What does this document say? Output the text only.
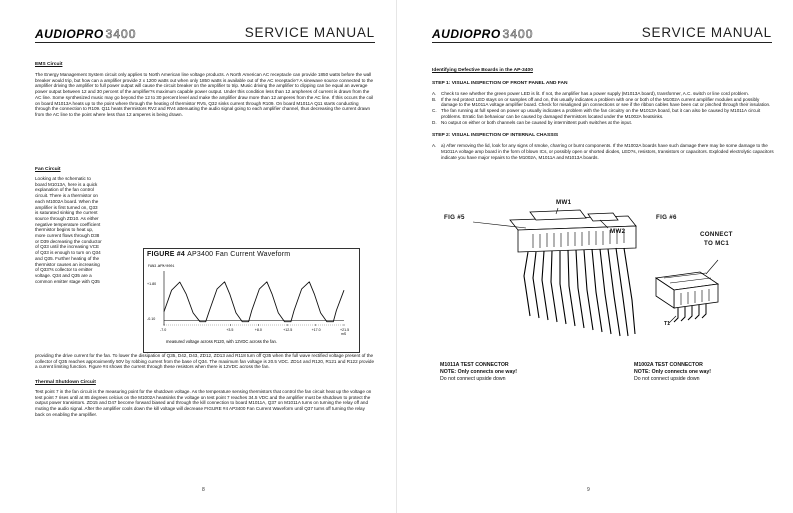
AUDIOPRO 3400	SERVICE MANUAL
EMS Circuit
The Energy Management System circuit only applies to North American line voltage products. A North American AC receptacle can provide 1850 watts before the wall breaker would trip, but how can a amplifier provide 2 x 1200 watts out when only 1850 watts is available out of the AC receptacle? A sinewave source connected to the amplifier driving the amplifier to full power output will cause the circuit breaker on the amplifier to trip. Music driving the amplifier to clipping can be equal an average power output between 12 and 30 percent of the amplifier?s maximum capable power output. Under this condition less than 12 ampheres of current is drawn from the AC line. Some synthesized music may go beyond the 12 to 30 percent level and make the amplifier draw more than 12 amperes from the AC line. If this occurs the coil on board M1013A heats up to the point where through the heating of thermistor RV5, Q32 sinks current through R109. On board M1011A Q11 starts conducting through the connection to R109. Q11 heats thermistors RV2 and RV4 attenuating the audio signal going to each amplifier channel, thus decreasing the current drawn from the AC line to the point where less than 12 amperes is being drawn.
Fan Circuit
Looking at the schematic to
board M1013A, here is a quick
explanation of the fan control
circuit. There is a thermistor on
each M1002A board. When the
amplifier is first turned on, Q33
is saturated sinking the current
source through ZD10. As either
negative temperature coefficient
thermistor begins to heat up,
more current flows through D38
or D39 decreasing the conductor
of Q33 until the increasing VCE
of Q33 is enough to turn on Q34
and Q35. Further heating of the
thermistor causes an increasing
of Q33?s collector to emitter
voltage. Q34 and Q35 are a
common emitter stage with Q35
providing the drive current for the fan. To lower the dissipation of Q35, D42, D43, ZD12, ZD13 and R118 turn off Q35 when the full wave rectified voltage present of the collector of Q35 reaches approximently 50V by robbing current from the base of Q34. The maximum fan voltage is 20.5 VDC. ZD14 and R120, R121 and R122 provide a current limiting function. Figure #4 shows the current through these resistors when there is 12VDC across the fan.
FIGURE #4 AP3400 Fan Current Waveform
FAN3.WFM/0001
+1.80
-0.10
-7.0	+3.5	+8.0	+12.5	+17.0	+21.5
mS
measured voltage across R120, with 12VDC across the fan.
Thermal Shutdown Circuit
Test point 7 in the fan circuit is the measuring point for the shutdown voltage. As the temperature sensing thermistors that control the fan circuit heat up the voltage on test point 7 rises until at 85 degrees celcius on the M1002A heatsinks the voltage on test point 7 reaches 34.5 VDC and the amplifier must be shutdown to protect the output power transistors. ZD15 and D47 become forward biased and through the kill connection to board M1011A, Q37 on M1011A turns on turning the relay off and muting the audio signal. After the amplifier cools down the kill voltage will decrease FIGURE #4 AP3400 Fan Current Waveform until Q37 turns off turning the relay back on enabling the amplifier.
8
AUDIOPRO 3400	SERVICE MANUAL
Identifying Defective Boards in the AP-3400
STEP 1: VISUAL INSPECTION OF FRONT PANEL AND FAN
A.	Check to see whether the green power LED is lit. If not, the amplifier has a power supply (M1013A board), transformer, A.C. switch or line cord problem.
B.	If the red protect LED stays on or samples off and on, this usually indicates a problem with one or both of the M1002A current amplifier modules and possibly damage to the M1011A voltage amplifier board. Check for misaligned pin connections or see if the ribbon cables have been cut or pinched through their insulation.
C. The fan running at full speed on power up usually indicates a problem with the fan circuitry on the M1013A board, but it can also be caused by M1011A circuit problems. Erratic fan behaviour can be caused by damaged thermistors located under the M1002A heatsinks.
D. No output on either or both channels can be caused by intermittent push switches at the input.
STEP 2: VISUAL INSPECTION OF INTERNAL CHASSIS
A.	a) After removing the lid, look for any signs of smoke, charring or burnt components. If the M1002A boards have such damage there may be some damage to the M1011A voltage amp board in the form of blown ICs, or possibly open or shorted diodes, LED?s, resistors, transistors or capacitors. Exploded electrolytic capacitors indicate you have major repairs to the M1002A, M1011A and M1013A boards.
9
FIG #5
MW1
MW2
FIG #6
CONNECT
TO MC1
T1
M1011A TEST CONNECTOR
NOTE: Only connects one way!
Do not connect upside down
M1002A TEST CONNECTOR
NOTE: Only connects one way!
Do not connect upside down
